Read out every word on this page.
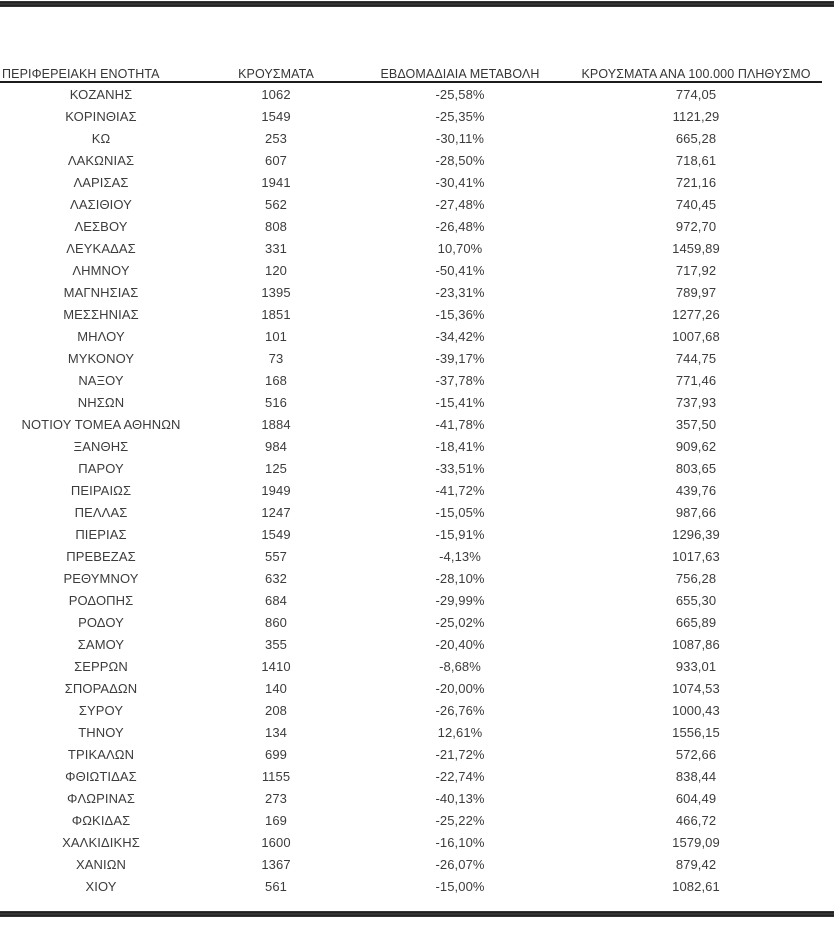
ΠΕΡΙΦΕΡΕΙΑΚΗ ΕΝΟΤΗΤΑ	ΚΡΟΥΣΜΑΤΑ	ΕΒΔΟΜΑΔΙΑΙΑ ΜΕΤΑΒΟΛΗ	ΚΡΟΥΣΜΑΤΑ ΑΝΑ 100.000 ΠΛΗΘΥΣΜΟ
ΚΟΖΑΝΗΣ	1062	-25,58%	774,05
ΚΟΡΙΝΘΙΑΣ	1549	-25,35%	1121,29
ΚΩ	253	-30,11%	665,28
ΛΑΚΩΝΙΑΣ	607	-28,50%	718,61
ΛΑΡΙΣΑΣ	1941	-30,41%	721,16
ΛΑΣΙΘΙΟΥ	562	-27,48%	740,45
ΛΕΣΒΟΥ	808	-26,48%	972,70
ΛΕΥΚΑΔΑΣ	331	10,70%	1459,89
ΛΗΜΝΟΥ	120	-50,41%	717,92
ΜΑΓΝΗΣΙΑΣ	1395	-23,31%	789,97
ΜΕΣΣΗΝΙΑΣ	1851	-15,36%	1277,26
ΜΗΛΟΥ	101	-34,42%	1007,68
ΜΥΚΟΝΟΥ	73	-39,17%	744,75
ΝΑΞΟΥ	168	-37,78%	771,46
ΝΗΣΩΝ	516	-15,41%	737,93
ΝΟΤΙΟΥ ΤΟΜΕΑ ΑΘΗΝΩΝ	1884	-41,78%	357,50
ΞΑΝΘΗΣ	984	-18,41%	909,62
ΠΑΡΟΥ	125	-33,51%	803,65
ΠΕΙΡΑΙΩΣ	1949	-41,72%	439,76
ΠΕΛΛΑΣ	1247	-15,05%	987,66
ΠΙΕΡΙΑΣ	1549	-15,91%	1296,39
ΠΡΕΒΕΖΑΣ	557	-4,13%	1017,63
ΡΕΘΥΜΝΟΥ	632	-28,10%	756,28
ΡΟΔΟΠΗΣ	684	-29,99%	655,30
ΡΟΔΟΥ	860	-25,02%	665,89
ΣΑΜΟΥ	355	-20,40%	1087,86
ΣΕΡΡΩΝ	1410	-8,68%	933,01
ΣΠΟΡΑΔΩΝ	140	-20,00%	1074,53
ΣΥΡΟΥ	208	-26,76%	1000,43
ΤΗΝΟΥ	134	12,61%	1556,15
ΤΡΙΚΑΛΩΝ	699	-21,72%	572,66
ΦΘΙΩΤΙΔΑΣ	1155	-22,74%	838,44
ΦΛΩΡΙΝΑΣ	273	-40,13%	604,49
ΦΩΚΙΔΑΣ	169	-25,22%	466,72
ΧΑΛΚΙΔΙΚΗΣ	1600	-16,10%	1579,09
ΧΑΝΙΩΝ	1367	-26,07%	879,42
ΧΙΟΥ	561	-15,00%	1082,61
